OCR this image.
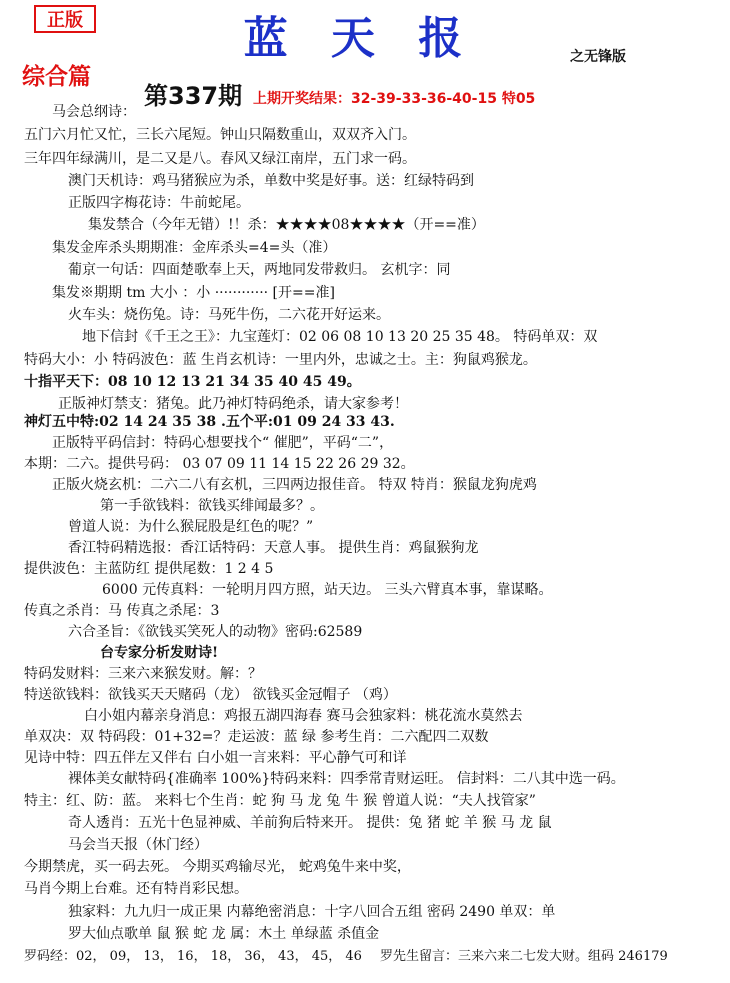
正版	蓝 天 报	之无锋版
综合篇
第337期 上期开奖结果：32-39-33-36-40-15 特05
马会总纲诗：
五门六月忙又忙，三长六尾短。钟山只隔数重山，双双齐入门。
三年四年绿满川，是二又是八。春风又绿江南岸，五门求一码。
澳门天机诗：鸡马猪猴应为杀，单数中奖是好事。送：红绿特码到
正版四字梅花诗：牛前蛇尾。
集发禁合（今年无错）!！杀：★★★★08★★★★（开==准）
集发金库杀头期期准：金库杀头=4=头（准）
葡京一句话：四面楚歌奉上天，两地同发带救归。 玄机字：同
集发※期期 tm 大小 ：小 ············ [开==准]
火车头：烧伤兔。诗：马死牛伤，二六花开好运来。
地下信封《千王之王》：九宝莲灯：02 06 08 10 13 20 25 35 48。 特码单双：双
特码大小：小 特码波色：蓝 生肖玄机诗：一里内外，忠诚之士。主：狗鼠鸡猴龙。
十指平天下：08 10 12 13 21 34 35 40 45 49。
正版神灯禁支：猪兔。此乃神灯特码绝杀，请大家参考！
神灯五中特:02 14 24 35 38 .五个平:01 09 24 33 43.
正版特平码信封：特码心想要找个“ 催肥”，平码“二”，
本期：二六。提供号码： 03 07 09 11 14 15 22 26 29 32。
正版火烧玄机：二六二八有玄机，三四两边报佳音。 特双 特肖：猴鼠龙狗虎鸡
第一手欲钱料：欲钱买绯闻最多？。
曾道人说：为什么猴屁股是红色的呢？”
香江特码精选报：香江话特码：天意人事。 提供生肖：鸡鼠猴狗龙
提供波色：主蓝防红 提供尾数：1 2 4 5
6000 元传真料：一轮明月四方照，站天边。 三头六臂真本事，靠谋略。
传真之杀肖：马 传真之杀尾：3
六合圣旨：《欲钱买笑死人的动物》密码:62589
台专家分析发财诗!
特码发财料：三来六来猴发财。解：？
特送欲钱料：欲钱买天天赌码（龙） 欲钱买金冠帽子 （鸡）
白小姐内幕亲身消息：鸡报五湖四海春 赛马会独家料：桃花流水莫然去
单双决：双 特码段：01+32=？走运波：蓝 绿 参考生肖：二六配四二双数
见诗中特：四五伴左又伴右 白小姐一言来料：平心静气可和详
裸体美女献特码{准确率 100%}特码来料：四季常青财运旺。 信封料：二八其中选一码。
特主：红、防：蓝。 来料七个生肖：蛇 狗 马 龙 兔 牛 猴 曾道人说：“夫人找管家”
奇人透肖：五光十色显神威、羊前狗后特来开。 提供：兔 猪 蛇 羊 猴 马 龙 鼠
马会当天报（休门经）
今期禁虎，买一码去死。 今期买鸡输尽光， 蛇鸡兔牛来中奖，
马肖今期上台难。还有特肖彩民想。
独家料：九九归一成正果 内幕绝密消息：十字八回合五组 密码 2490 单双：单
罗大仙点歌单 鼠 猴 蛇 龙 属：木土 单绿蓝 杀值金
罗码经：02， 09， 13， 16， 18， 36， 43， 45， 46 罗先生留言：三来六来二七发大财。组码 246179
